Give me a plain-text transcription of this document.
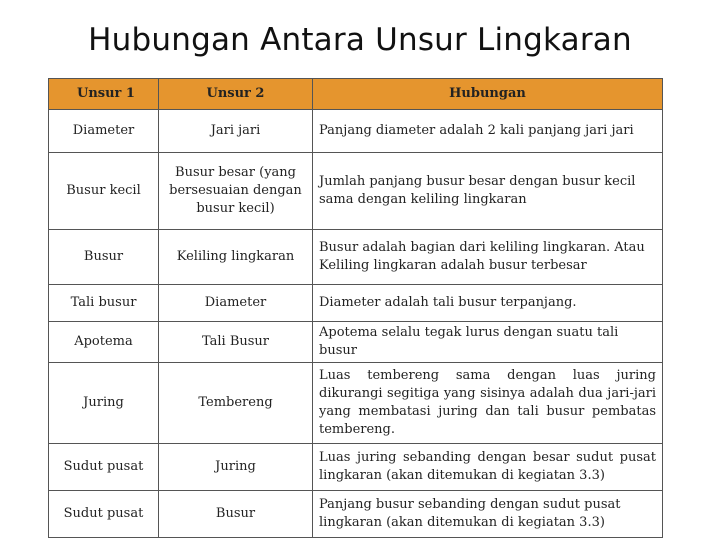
Hubungan Antara Unsur Lingkaran
Unsur 1	Unsur 2	Hubungan
Diameter	Jari jari	Panjang diameter adalah 2 kali panjang jari jari
Busur kecil	Busur besar (yang bersesuaian dengan busur kecil)	Jumlah panjang busur besar dengan busur kecil sama dengan keliling lingkaran
Busur	Keliling lingkaran	Busur adalah bagian dari keliling lingkaran. Atau Keliling lingkaran adalah busur terbesar
Tali busur	Diameter	Diameter adalah tali busur terpanjang.
Apotema	Tali Busur	Apotema selalu tegak lurus dengan suatu tali busur
Juring	Tembereng	Luas tembereng sama dengan luas juring dikurangi segitiga yang sisinya adalah dua jari-jari yang membatasi juring dan tali busur pembatas tembereng.
Sudut pusat	Juring	Luas juring sebanding dengan besar sudut pusat lingkaran (akan ditemukan di kegiatan 3.3)
Sudut pusat	Busur	Panjang busur sebanding dengan sudut pusat lingkaran (akan ditemukan di kegiatan 3.3)
